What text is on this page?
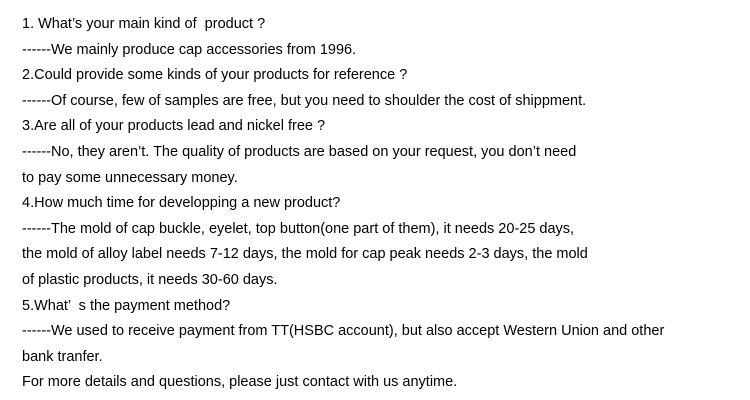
1. What’s your main kind of  product ?
------We mainly produce cap accessories from 1996.
2.Could provide some kinds of your products for reference ?
------Of course, few of samples are free, but you need to shoulder the cost of shippment.
3.Are all of your products lead and nickel free ?
------No, they aren’t. The quality of products are based on your request, you don’t need
to pay some unnecessary money.
4.How much time for developping a new product?
------The mold of cap buckle, eyelet, top button(one part of them), it needs 20-25 days,
the mold of alloy label needs 7-12 days, the mold for cap peak needs 2-3 days, the mold
of plastic products, it needs 30-60 days.
5.What’  s the payment method?
------We used to receive payment from TT(HSBC account), but also accept Western Union and other
bank tranfer.
For more details and questions, please just contact with us anytime.
